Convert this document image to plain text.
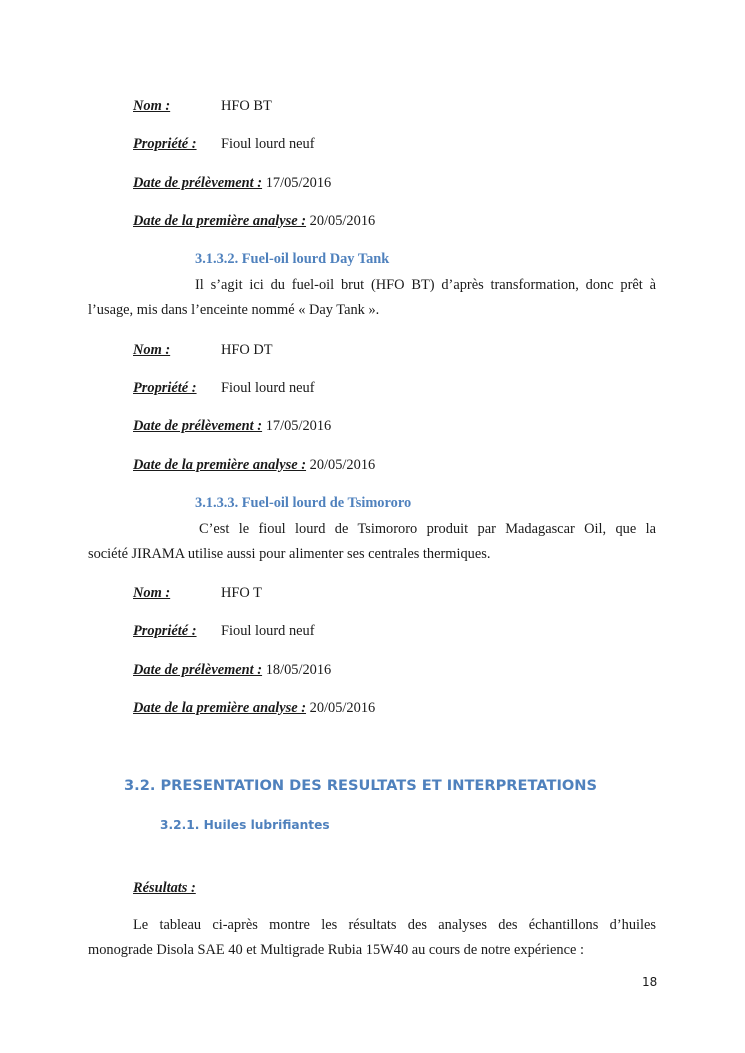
Nom :	HFO BT
Propriété : Fioul lourd neuf
Date de prélèvement : 17/05/2016
Date de la première analyse : 20/05/2016
3.1.3.2. Fuel-oil lourd Day Tank

Il s’agit ici du fuel-oil brut (HFO BT) d’après transformation, donc prêt à
l’usage, mis dans l’enceinte nommé « Day Tank ».

Nom :	HFO DT
Propriété : Fioul lourd neuf
Date de prélèvement : 17/05/2016
Date de la première analyse : 20/05/2016
3.1.3.3. Fuel-oil lourd de Tsimororo

C’est le fioul lourd de Tsimororo produit par Madagascar Oil, que la
société JIRAMA utilise aussi pour alimenter ses centrales thermiques.

Nom :	HFO T
Propriété : Fioul lourd neuf
Date de prélèvement : 18/05/2016
Date de la première analyse : 20/05/2016
3.2. PRESENTATION DES RESULTATS ET INTERPRETATIONS
3.2.1. Huiles lubrifiantes
Résultats :

Le tableau ci-après montre les résultats des analyses des échantillons d’huiles
monograde Disola SAE 40 et Multigrade Rubia 15W40 au cours de notre expérience :

18
